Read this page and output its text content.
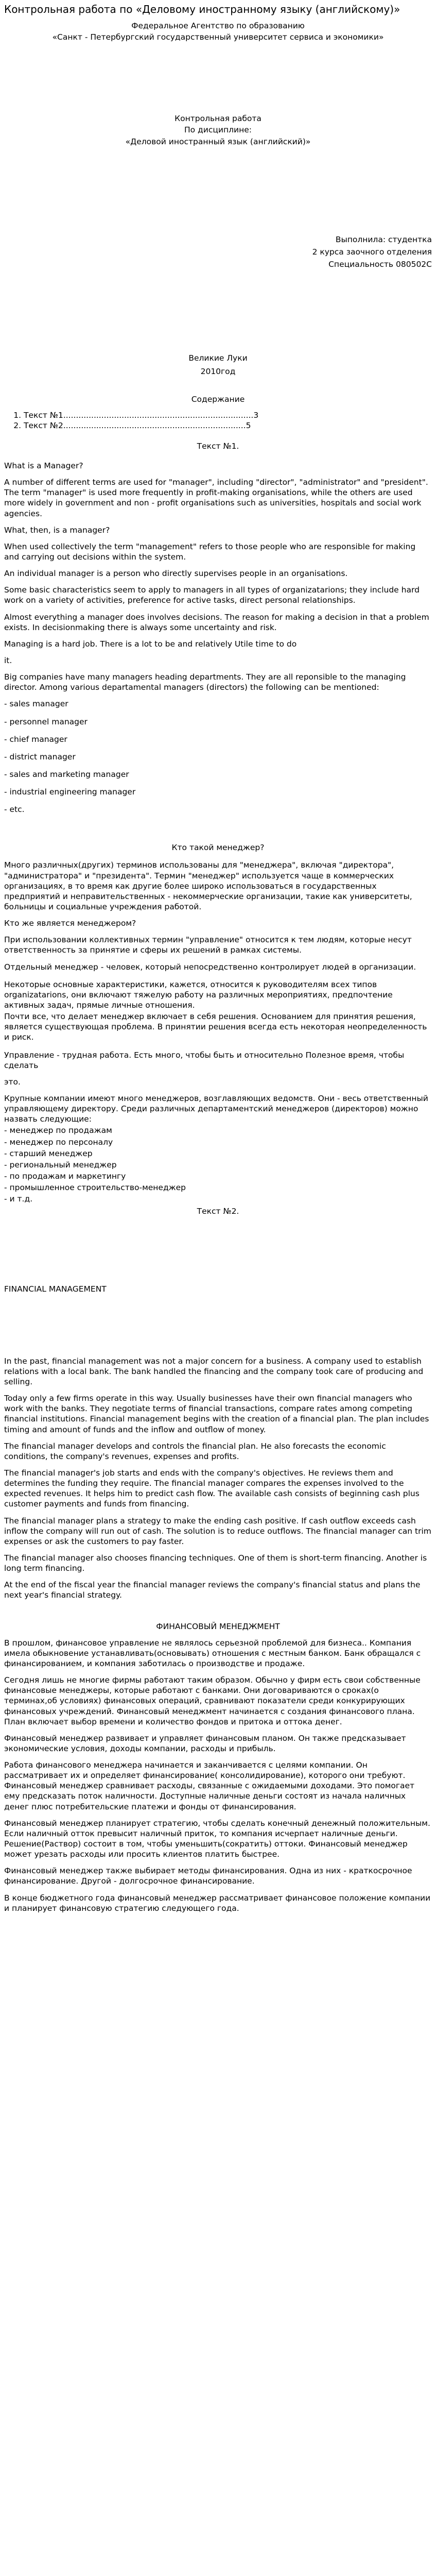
Контрольная работа по «Деловому иностранному языку (английскому)»
Федеральное Агентство по образованию
«Санкт - Петербургский государственный университет сервиса и экономики»
Контрольная работа
По дисциплине:
«Деловой иностранный язык (английский)»
Выполнила: студентка
2 курса заочного отделения
Специальность 080502С
Великие Луки
2010год
Содержание
1. Текст №1...........................................................................3
2. Текст №2........................................................................5
Текст №1.

What is a Manager?

A number of different terms are used for "manager", including "director", "administrator" and "president". The term "manager" is used more frequently in profit-making organisations, while the others are used more widely in government and non - profit organisations such as universities, hospitals and social work agencies.

What, then, is a manager?

When used collectively the term "management" refers to those people who are responsible for making and carrying out decisions within the system.

An individual manager is a person who directly supervises people in an organisations.

Some basic characteristics seem to apply to managers in all types of organizatarions; they include hard work on a variety of activities, preference for active tasks, direct personal relationships.

Almost everything a manager does involves decisions. The reason for making a decision in that a problem exists. In decisionmaking there is always some uncertainty and risk.

Managing is a hard job. There is a lot to be and relatively Utile time to do

it.

Big companies have many managers heading departments. They are all reponsible to the managing director. Among various departamental managers (directors) the following can be mentioned:

- sales manager

- personnel manager

- chief manager

- district manager

- sales and marketing manager

- industrial engineering manager

- etc.

Кто такой менеджер?

Много различных(других) терминов использованы для "менеджера", включая "директора", "администратора" и "президента". Термин "менеджер" используется чаще в коммерческих организациях, в то время как другие более широко использоваться в государственных предприятий и неправительственных - некоммерческие организации, такие как университеты, больницы и социальные учреждения работой.

Кто же является менеджером?

При использовании коллективных термин "управление" относится к тем людям, которые несут ответственность за принятие и сферы их решений в рамках системы.

Отдельный менеджер - человек, который непосредственно контролирует людей в организации.

Некоторые основные характеристики, кажется, относится к руководителям всех типов organizatarions, они включают тяжелую работу на различных мероприятиях, предпочтение активных задач, прямые личные отношения.

Почти все, что делает менеджер включает в себя решения. Основанием для принятия решения, является существующая проблема. В принятии решения всегда есть некоторая неопределенность и риск.

Управление - трудная работа. Есть много, чтобы быть и относительно Полезное время, чтобы сделать

это.

Крупные компании имеют много менеджеров, возглавляющих ведомств. Они - весь ответственный управляющему директору. Среди различных департаментский менеджеров (директоров) можно назвать следующие:

- менеджер по продажам

- менеджер по персоналу

- старший менеджер

- региональный менеджер

- по продажам и маркетингу

- промышленное строительство-менеджер

- и т.д.

Текст №2.
FINANCIAL MANAGEMENT

In the past, financial management was not a major concern for a business. A company used to establish relations with a local bank. The bank handled the financing and the company took care of producing and selling.

Today only a few firms operate in this way. Usually businesses have their own financial managers who work with the banks. They negotiate terms of financial transactions, compare rates among competing financial institutions. Financial management begins with the creation of a financial plan. The plan includes timing and amount of funds and the inflow and outflow of money.

The financial manager develops and controls the financial plan. He also forecasts the economic conditions, the company's revenues, expenses and profits.

The financial manager's job starts and ends with the company's objectives. He reviews them and determines the funding they require. The financial manager compares the expenses involved to the expected revenues. It helps him to predict cash flow. The available cash consists of beginning cash plus customer payments and funds from financing.

The financial manager plans a strategy to make the ending cash positive. If cash outflow exceeds cash inflow the company will run out of cash. The solution is to reduce outflows. The financial manager can trim expenses or ask the customers to pay faster.

The financial manager also chooses financing techniques. One of them is short-term financing. Another is long term financing.

At the end of the fiscal year the financial manager reviews the company's financial status and plans the next year's financial strategy.

ФИНАНСОВЫЙ МЕНЕДЖМЕНТ

В прошлом, финансовое управление не являлось серьезной проблемой для бизнеса.. Компания имела обыкновение устанавливать(основывать) отношения с местным банком. Банк обращался с финансированием, и компания заботилась о производстве и продаже.

Сегодня лишь не многие фирмы работают таким образом. Обычно у фирм есть свои собственные финансовые менеджеры, которые работают с банками. Они договариваются о сроках(о терминах,об условиях) финансовых операций, сравнивают показатели среди конкурирующих финансовых учреждений. Финансовый менеджмент начинается с создания финансового плана. План включает выбор времени и количество фондов и притока и оттока денег.

Финансовый менеджер развивает и управляет финансовым планом. Он также предсказывает экономические условия, доходы компании, расходы и прибыль.

Работа финансового менеджера начинается и заканчивается с целями компании. Он рассматривает их и определяет финансирование( консолидирование), которого они требуют. Финансовый менеджер сравнивает расходы, связанные с ожидаемыми доходами. Это помогает ему предсказать поток наличности. Доступные наличные деньги состоят из начала наличных денег плюс потребительские платежи и фонды от финансирования.

Финансовый менеджер планирует стратегию, чтобы сделать конечный денежный положительным. Если наличный отток превысит наличный приток, то компания исчерпает наличные деньги. Решение(Раствор) состоит в том, чтобы уменьшить(сократить) оттоки. Финансовый менеджер может урезать расходы или просить клиентов платить быстрее.

Финансовый менеджер также выбирает методы финансирования. Одна из них - краткосрочное финансирование. Другой - долгосрочное финансирование.

В конце бюджетного года финансовый менеджер рассматривает финансовое положение компании и планирует финансовую стратегию следующего года.
